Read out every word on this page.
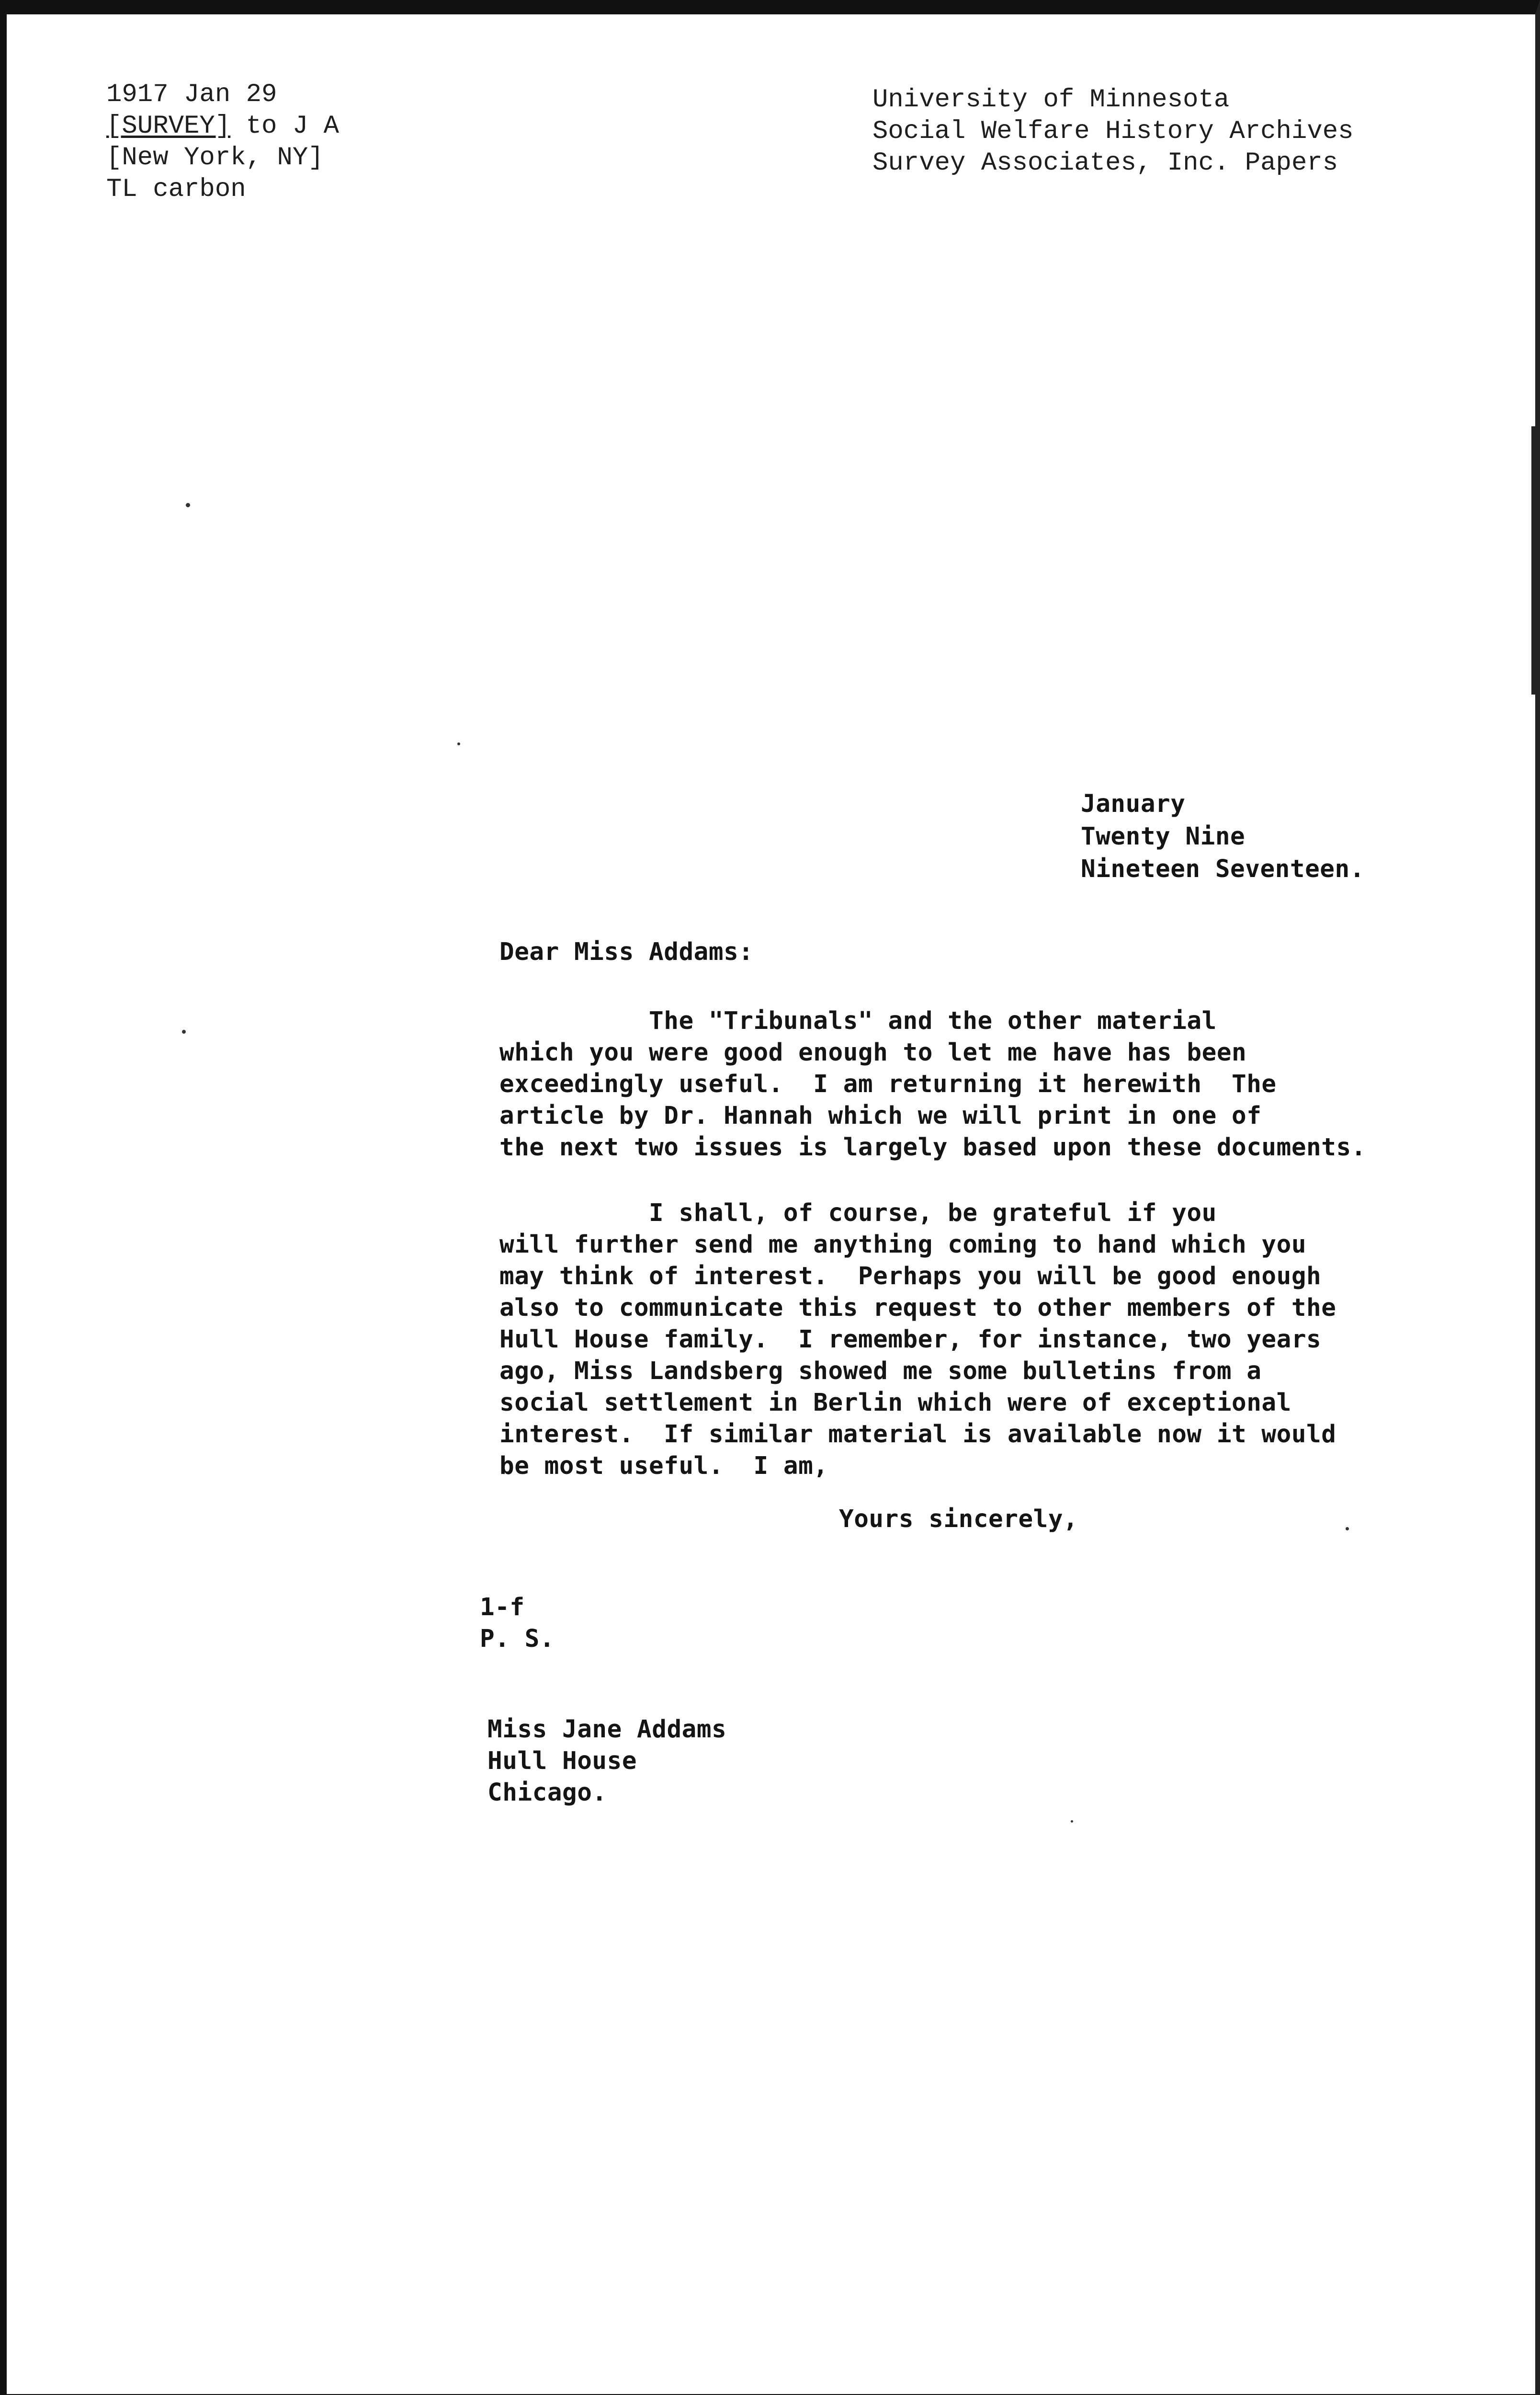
1917 Jan 29
[SURVEY] to J A
[New York, NY]
TL carbon
University of Minnesota
Social Welfare History Archives
Survey Associates, Inc. Papers
January
Twenty Nine
Nineteen Seventeen.
Dear Miss Addams:
The "Tribunals" and the other material
which you were good enough to let me have has been
exceedingly useful.  I am returning it herewith  The
article by Dr. Hannah which we will print in one of
the next two issues is largely based upon these documents.
I shall, of course, be grateful if you
will further send me anything coming to hand which you
may think of interest.  Perhaps you will be good enough
also to communicate this request to other members of the
Hull House family.  I remember, for instance, two years
ago, Miss Landsberg showed me some bulletins from a
social settlement in Berlin which were of exceptional
interest.  If similar material is available now it would
be most useful.  I am,
Yours sincerely,
1-f
P. S.
Miss Jane Addams
Hull House
Chicago.
